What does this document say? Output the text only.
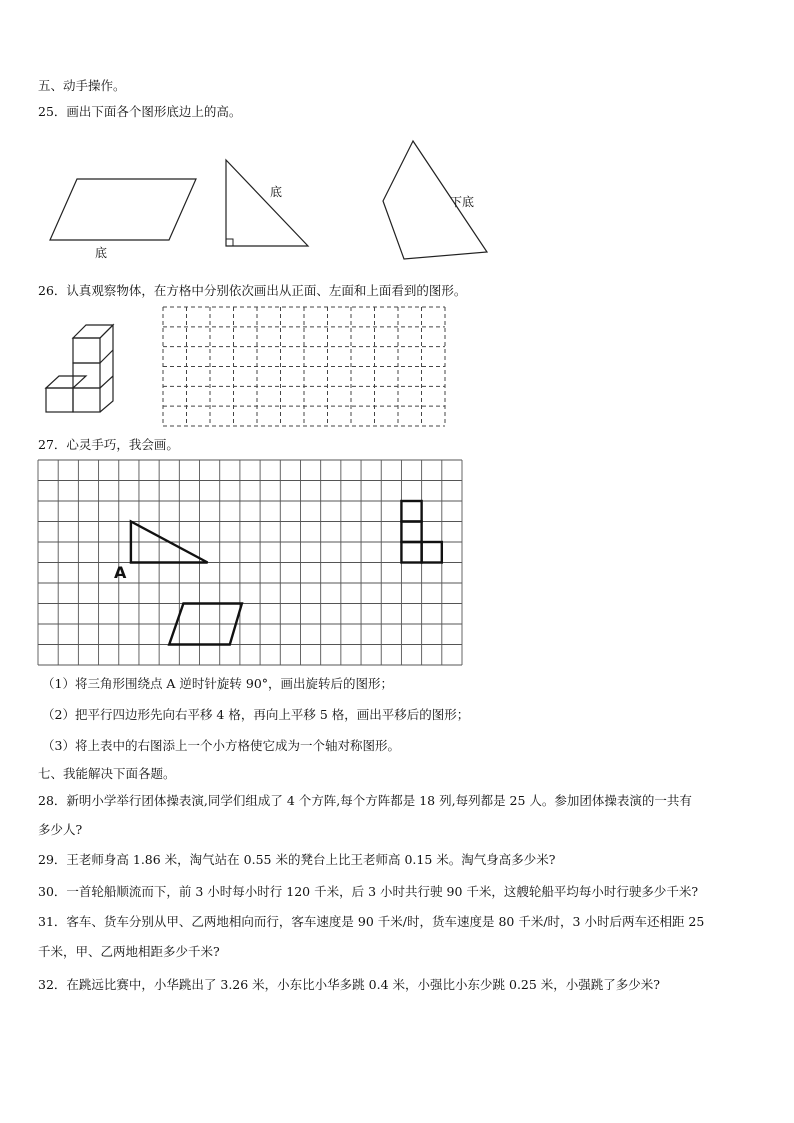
五、动手操作。
25．画出下面各个图形底边上的高。
底
底
下底
26．认真观察物体，在方格中分别依次画出从正面、左面和上面看到的图形。
27．心灵手巧，我会画。
A
（1）将三角形围绕点 A 逆时针旋转 90°，画出旋转后的图形；
（2）把平行四边形先向右平移 4 格，再向上平移 5 格，画出平移后的图形；
（3）将上表中的右图添上一个小方格使它成为一个轴对称图形。
七、我能解决下面各题。
28．新明小学举行团体操表演,同学们组成了 4 个方阵,每个方阵都是 18 列,每列都是 25 人。参加团体操表演的一共有
多少人?
29．王老师身高 1.86 米，淘气站在 0.55 米的凳台上比王老师高 0.15 米。淘气身高多少米?
30．一首轮船顺流而下，前 3 小时每小时行 120 千米，后 3 小时共行驶 90 千米，这艘轮船平均每小时行驶多少千米?
31．客车、货车分别从甲、乙两地相向而行，客车速度是 90 千米/时，货车速度是 80 千米/时，3 小时后两车还相距 25
千米，甲、乙两地相距多少千米?
32．在跳远比赛中，小华跳出了 3.26 米，小东比小华多跳 0.4 米，小强比小东少跳 0.25 米，小强跳了多少米?
